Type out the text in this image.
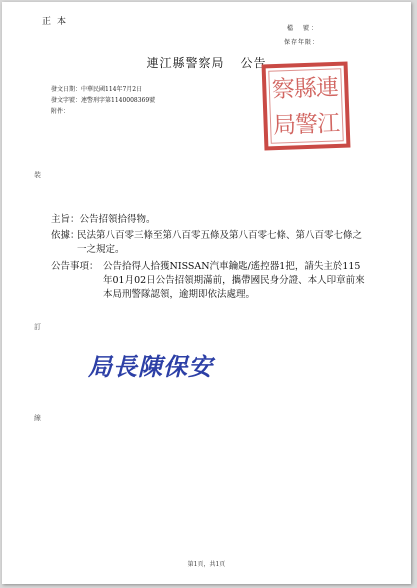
正本
檔　號：
保存年限：
連江縣警察局 公告
發文日期：中華民國114年7月2日
發文字號：連警刑字第1140008369號
附件：
連
江
縣
警
察
局
裝
訂
線
主旨：公告招領拾得物。
依據：
民法第八百零三條至第八百零五條及第八百零七條、第八百零七條之一之規定。
公告事項： 公告拾得人拾獲NISSAN汽車鑰匙/遙控器1把，請失主於115年01月02日公告招領期滿前，攜帶國民身分證、本人印章前來本局刑警隊認領，逾期即依法處理。
局長陳保安
第1頁，共1頁
